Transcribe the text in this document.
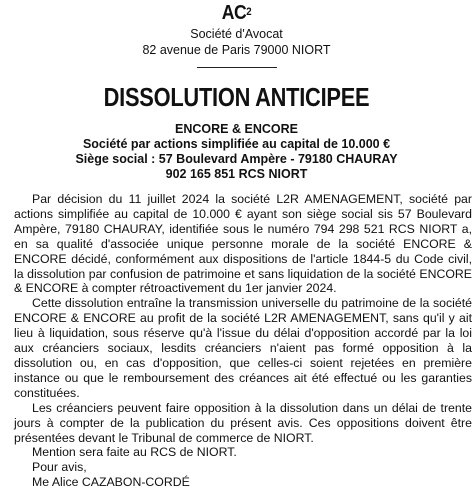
$AC^2$
Société d'Avocat
82 avenue de Paris 79000 NIORT
DISSOLUTION ANTICIPEE
ENCORE & ENCORE
Société par actions simplifiée au capital de 10.000 €
Siège social : 57 Boulevard Ampère - 79180 CHAURAY
902 165 851 RCS NIORT

Par décision du 11 juillet 2024 la société L2R AMENAGEMENT, société par actions simplifiée au capital de 10.000 € ayant son siège social sis 57 Boulevard Ampère, 79180 CHAURAY, identifiée sous le numéro 794 298 521 RCS NIORT a, en sa qualité d'associée unique personne morale de la société ENCORE & ENCORE décidé, conformément aux dispositions de l'article 1844-5 du Code civil, la dissolution par confusion de patrimoine et sans liquidation de la société ENCORE & ENCORE à compter rétroactivement du 1er janvier 2024.

Cette dissolution entraîne la transmission universelle du patrimoine de la société ENCORE & ENCORE au profit de la société L2R AMENAGEMENT, sans qu'il y ait lieu à liquidation, sous réserve qu'à l'issue du délai d'opposition accordé par la loi aux créanciers sociaux, lesdits créanciers n'aient pas formé opposition à la dissolution ou, en cas d'opposition, que celles-ci soient rejetées en première instance ou que le remboursement des créances ait été effectué ou les garanties constituées.

Les créanciers peuvent faire opposition à la dissolution dans un délai de trente jours à compter de la publication du présent avis. Ces oppositions doivent être présentées devant le Tribunal de commerce de NIORT.

Mention sera faite au RCS de NIORT.
Pour avis,
Me Alice CAZABON-CORDÉ
